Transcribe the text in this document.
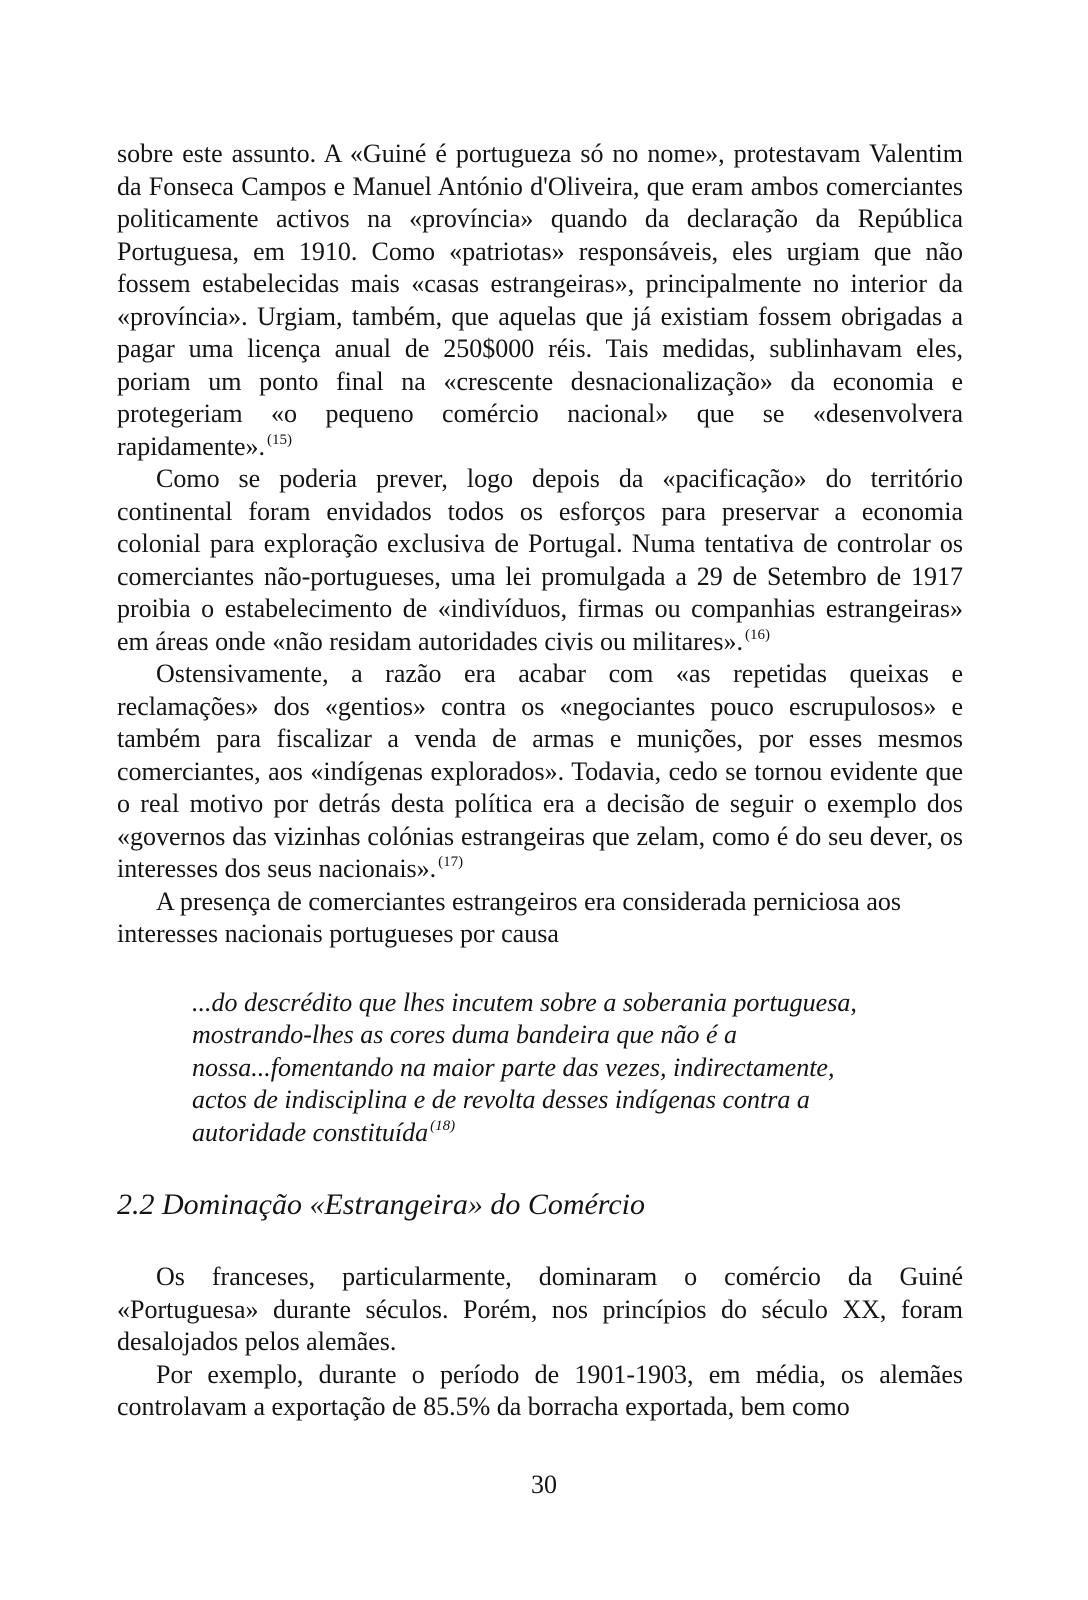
sobre este assunto. A «Guiné é portugueza só no nome», protestavam Valentim da Fonseca Campos e Manuel António d'Oliveira, que eram ambos comerciantes politicamente activos na «província» quando da declaração da República Portuguesa, em 1910. Como «patriotas» responsáveis, eles urgiam que não fossem estabelecidas mais «casas estrangeiras», principalmente no interior da «província». Urgiam, também, que aquelas que já existiam fossem obrigadas a pagar uma licença anual de 250$000 réis. Tais medidas, sublinhavam eles, poriam um ponto final na «crescente desnacionalização» da economia e protegeriam «o pequeno comércio nacional» que se «desenvolvera rapidamente». $^{(15)}$

Como se poderia prever, logo depois da «pacificação» do território continental foram envidados todos os esforços para preservar a economia colonial para exploração exclusiva de Portugal. Numa tentativa de controlar os comerciantes não-portugueses, uma lei promulgada a 29 de Setembro de 1917 proibia o estabelecimento de «indivíduos, firmas ou companhias estrangeiras» em áreas onde «não residam autoridades civis ou militares». $^{(16)}$

Ostensivamente, a razão era acabar com «as repetidas queixas e reclamações» dos «gentios» contra os «negociantes pouco escrupulosos» e também para fiscalizar a venda de armas e munições, por esses mesmos comerciantes, aos «indígenas explorados». Todavia, cedo se tornou evidente que o real motivo por detrás desta política era a decisão de seguir o exemplo dos «governos das vizinhas colónias estrangeiras que zelam, como é do seu dever, os interesses dos seus nacionais». $^{(17)}$

A presença de comerciantes estrangeiros era considerada perniciosa aos interesses nacionais portugueses por causa

...do descrédito que lhes incutem sobre a soberania portuguesa, mostrando-lhes as cores duma bandeira que não é a nossa...fomentando na maior parte das vezes, indirectamente, actos de indisciplina e de revolta desses indígenas contra a autoridade constituída $^{(18)}$

2.2 Dominação «Estrangeira» do Comércio

Os franceses, particularmente, dominaram o comércio da Guiné «Portuguesa» durante séculos. Porém, nos princípios do século XX, foram desalojados pelos alemães.

Por exemplo, durante o período de 1901-1903, em média, os alemães controlavam a exportação de 85.5% da borracha exportada, bem como

30
